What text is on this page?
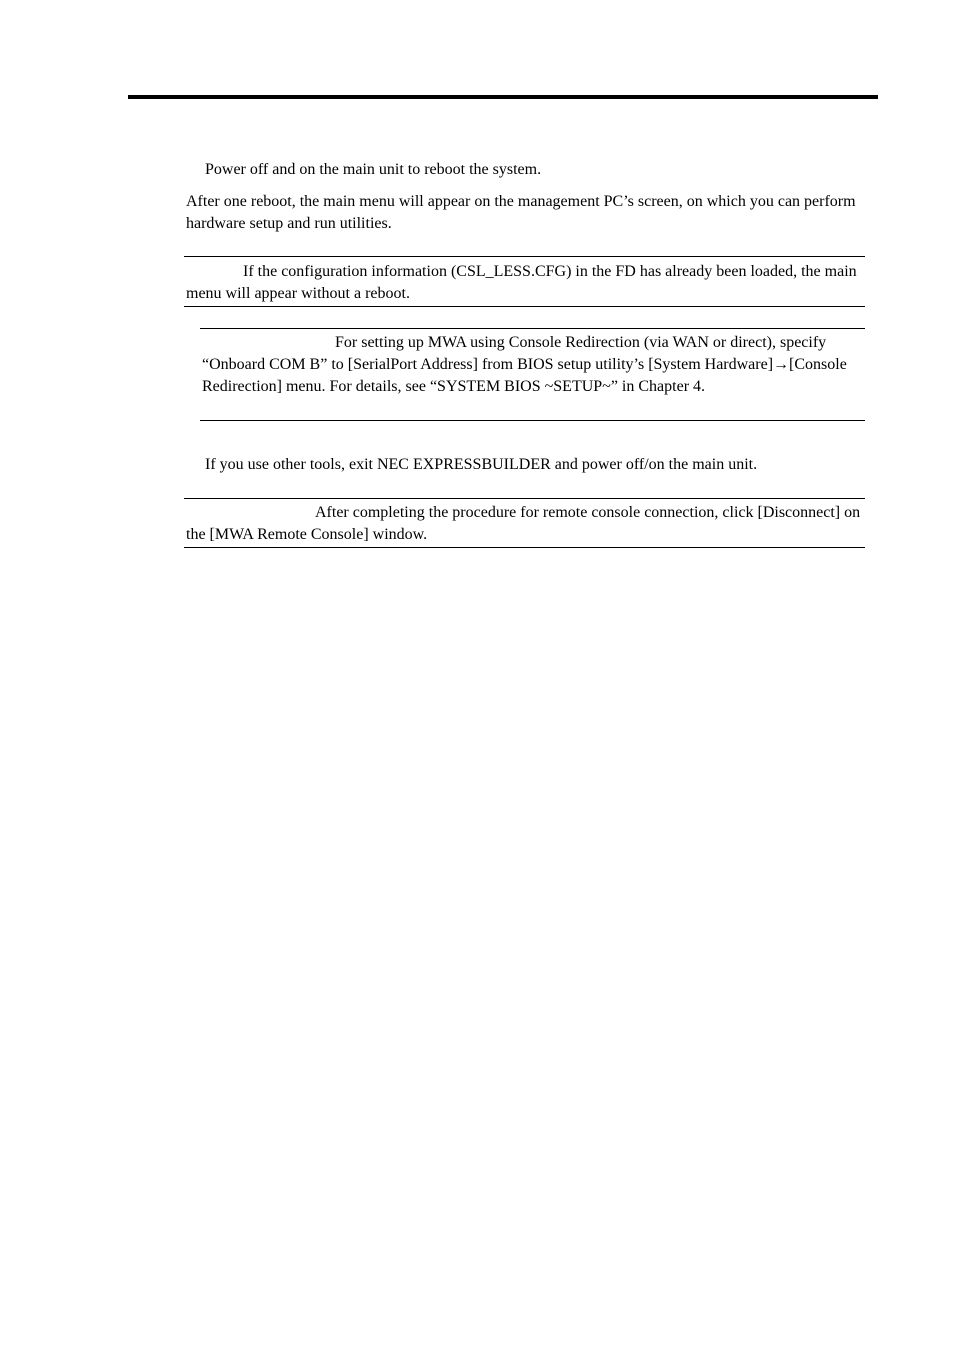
Power off and on the main unit to reboot the system.

After one reboot, the main menu will appear on the management PC’s screen, on which you can perform hardware setup and run utilities.

If the configuration information (CSL_LESS.CFG) in the FD has already been loaded, the main menu will appear without a reboot.

For setting up MWA using Console Redirection (via WAN or direct), specify “Onboard COM B” to [SerialPort Address] from BIOS setup utility’s [System Hardware]→[Console Redirection] menu. For details, see “SYSTEM BIOS ~SETUP~” in Chapter 4.

If you use other tools, exit NEC EXPRESSBUILDER and power off/on the main unit.

After completing the procedure for remote console connection, click [Disconnect] on the [MWA Remote Console] window.
